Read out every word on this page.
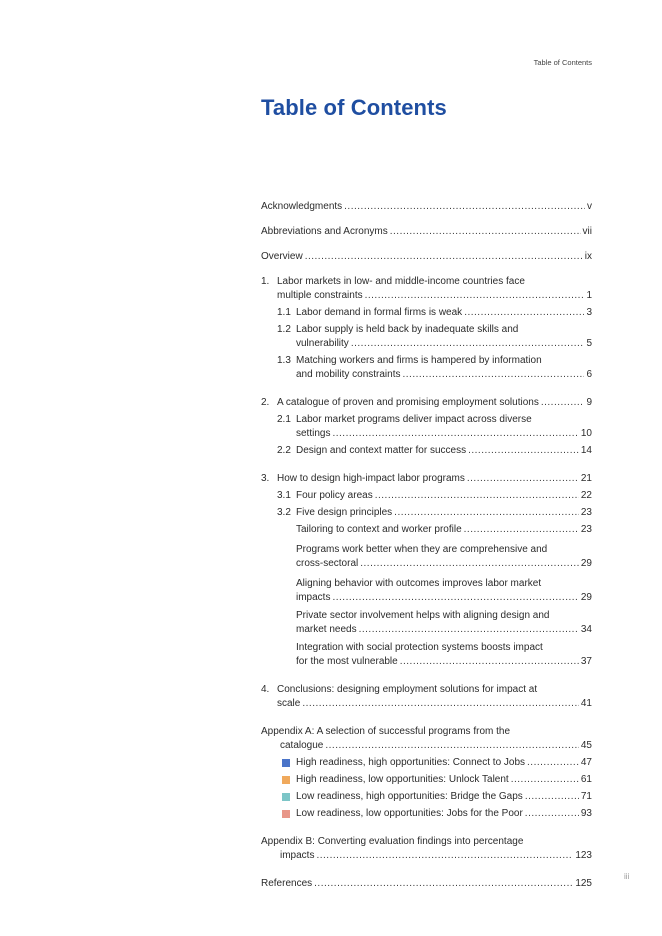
Table of Contents
Table of Contents
Acknowledgments .....	v
Abbreviations and Acronyms .....	vii
Overview .....	ix
1. Labor markets in low- and middle-income countries face
multiple constraints .....	1
1.1 Labor demand in formal firms is weak .....	3
1.2 Labor supply is held back by inadequate skills and
vulnerability .....	5
1.3 Matching workers and firms is hampered by information
and mobility constraints .....	6
2. A catalogue of proven and promising employment solutions .....	9
2.1 Labor market programs deliver impact across diverse
settings .....	10
2.2 Design and context matter for success .....	14
3. How to design high-impact labor programs .....	21
3.1 Four policy areas .....	22
3.2 Five design principles .....	23
Tailoring to context and worker profile .....	23
Programs work better when they are comprehensive and
cross-sectoral .....	29
Aligning behavior with outcomes improves labor market
impacts .....	29
Private sector involvement helps with aligning design and
market needs .....	34
Integration with social protection systems boosts impact
for the most vulnerable .....	37
4. Conclusions: designing employment solutions for impact at
scale .....	41
Appendix A: A selection of successful programs from the
catalogue .....	45
High readiness, high opportunities: Connect to Jobs .....	47
High readiness, low opportunities: Unlock Talent .....	61
Low readiness, high opportunities: Bridge the Gaps .....	71
Low readiness, low opportunities: Jobs for the Poor .....	93
Appendix B: Converting evaluation findings into percentage
impacts .....	123
References .....	125
iii
